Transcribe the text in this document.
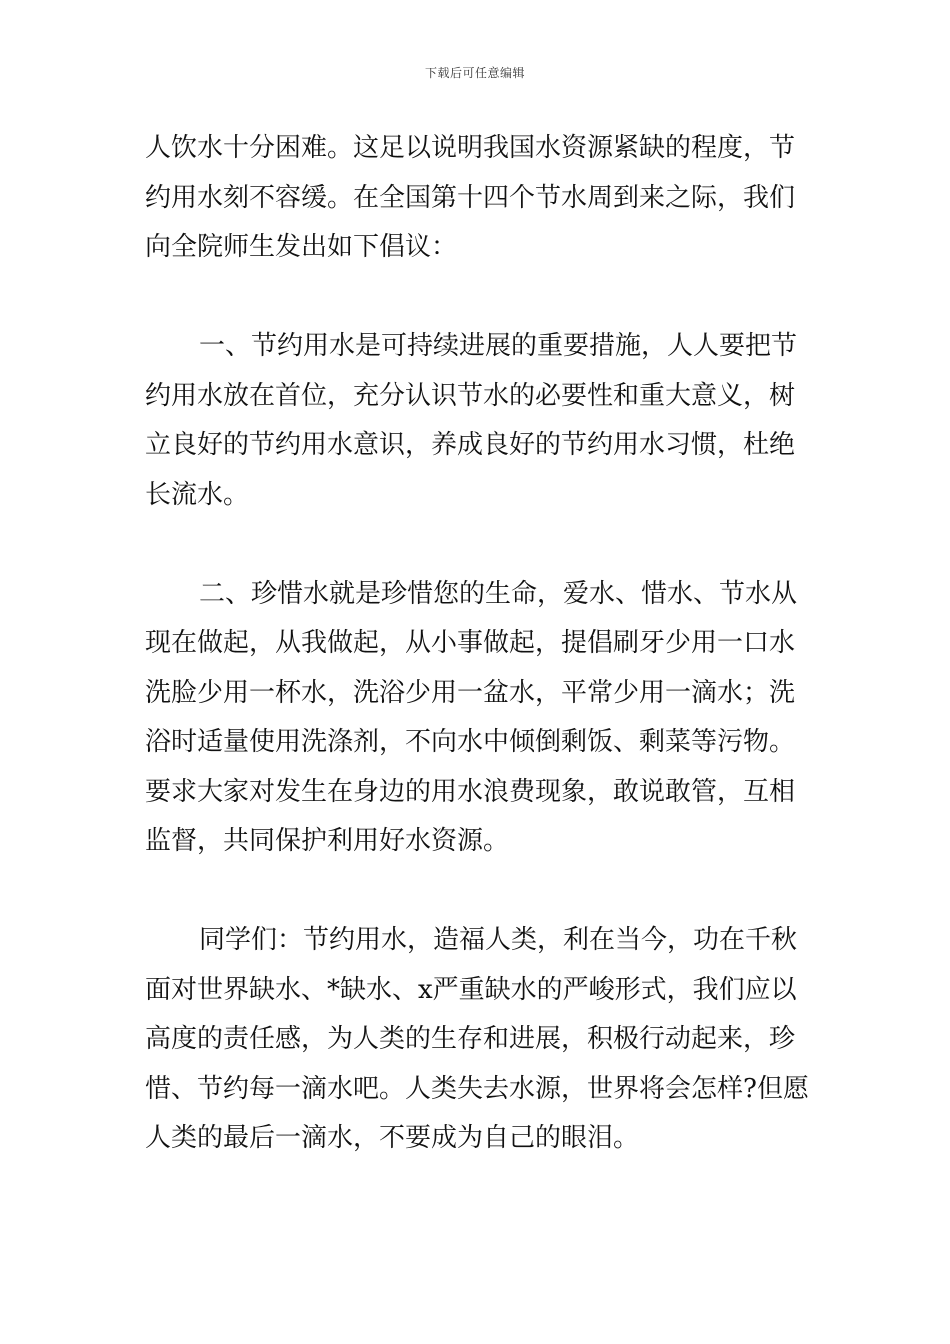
下载后可任意编辑
人饮水十分困难。这足以说明我国水资源紧缺的程度，节
约用水刻不容缓。在全国第十四个节水周到来之际，我们
向全院师生发出如下倡议：
一、节约用水是可持续进展的重要措施，人人要把节
约用水放在首位，充分认识节水的必要性和重大意义，树
立良好的节约用水意识，养成良好的节约用水习惯，杜绝
长流水。
二、珍惜水就是珍惜您的生命，爱水、惜水、节水从
现在做起，从我做起，从小事做起，提倡刷牙少用一口水
洗脸少用一杯水，洗浴少用一盆水，平常少用一滴水；洗
浴时适量使用洗涤剂，不向水中倾倒剩饭、剩菜等污物。
要求大家对发生在身边的用水浪费现象，敢说敢管，互相
监督，共同保护利用好水资源。
同学们：节约用水，造福人类，利在当今，功在千秋
面对世界缺水、*缺水、x严重缺水的严峻形式，我们应以
高度的责任感，为人类的生存和进展，积极行动起来，珍
惜、节约每一滴水吧。人类失去水源，世界将会怎样?但愿
人类的最后一滴水，不要成为自己的眼泪。
